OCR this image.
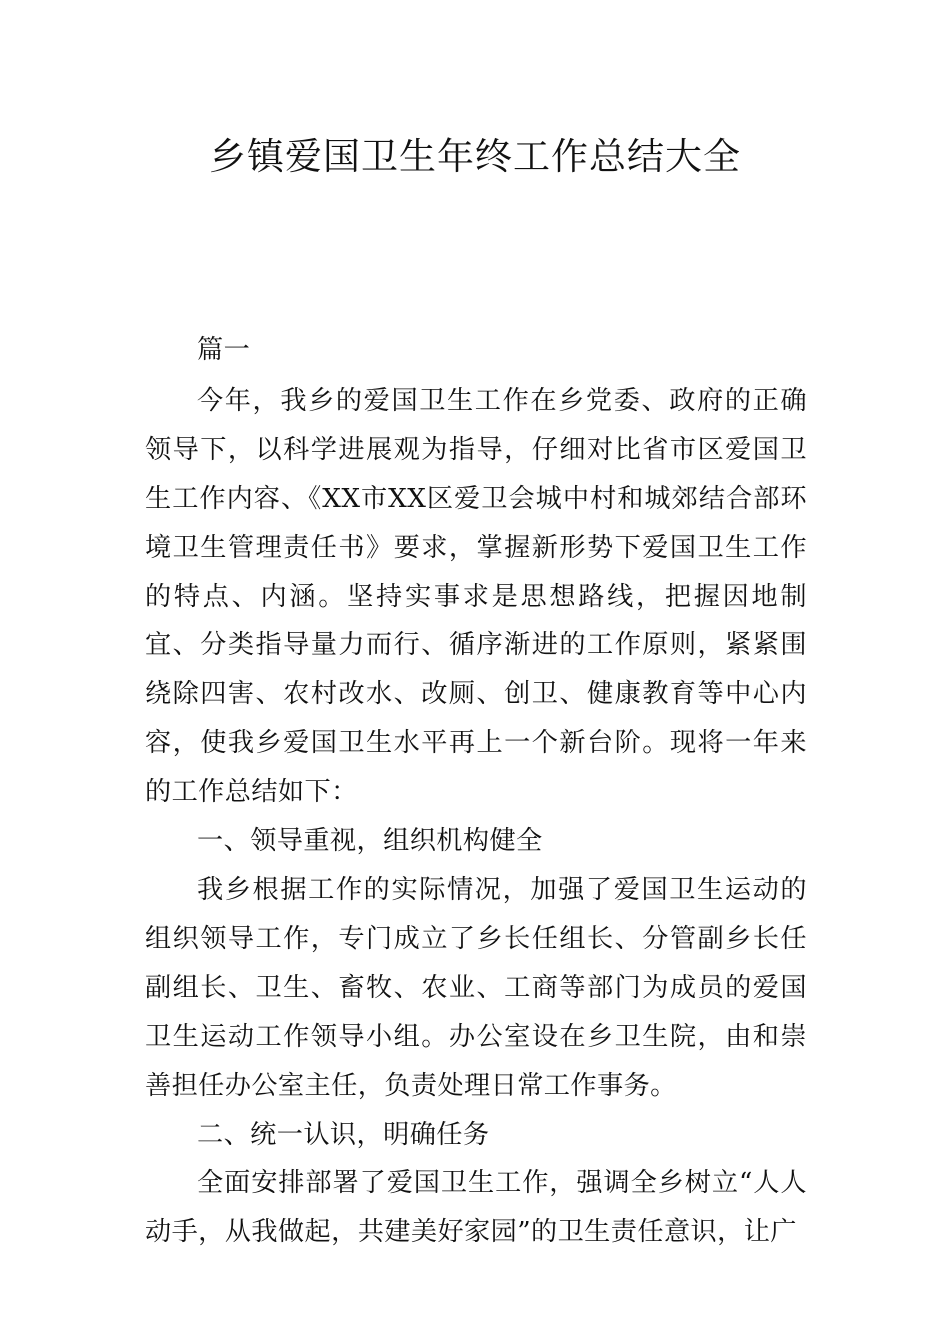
乡镇爱国卫生年终工作总结大全

篇一

今年，我乡的爱国卫生工作在乡党委、政府的正确领导下，以科学进展观为指导，仔细对比省市区爱国卫生工作内容、《XX市XX区爱卫会城中村和城郊结合部环境卫生管理责任书》要求，掌握新形势下爱国卫生工作的特点、内涵。坚持实事求是思想路线，把握因地制宜、分类指导量力而行、循序渐进的工作原则，紧紧围绕除四害、农村改水、改厕、创卫、健康教育等中心内容，使我乡爱国卫生水平再上一个新台阶。现将一年来的工作总结如下：

一、领导重视，组织机构健全

我乡根据工作的实际情况，加强了爱国卫生运动的组织领导工作，专门成立了乡长任组长、分管副乡长任副组长、卫生、畜牧、农业、工商等部门为成员的爱国卫生运动工作领导小组。办公室设在乡卫生院，由和崇善担任办公室主任，负责处理日常工作事务。

二、统一认识，明确任务

全面安排部署了爱国卫生工作，强调全乡树立“人人动手，从我做起，共建美好家园”的卫生责任意识，让广
